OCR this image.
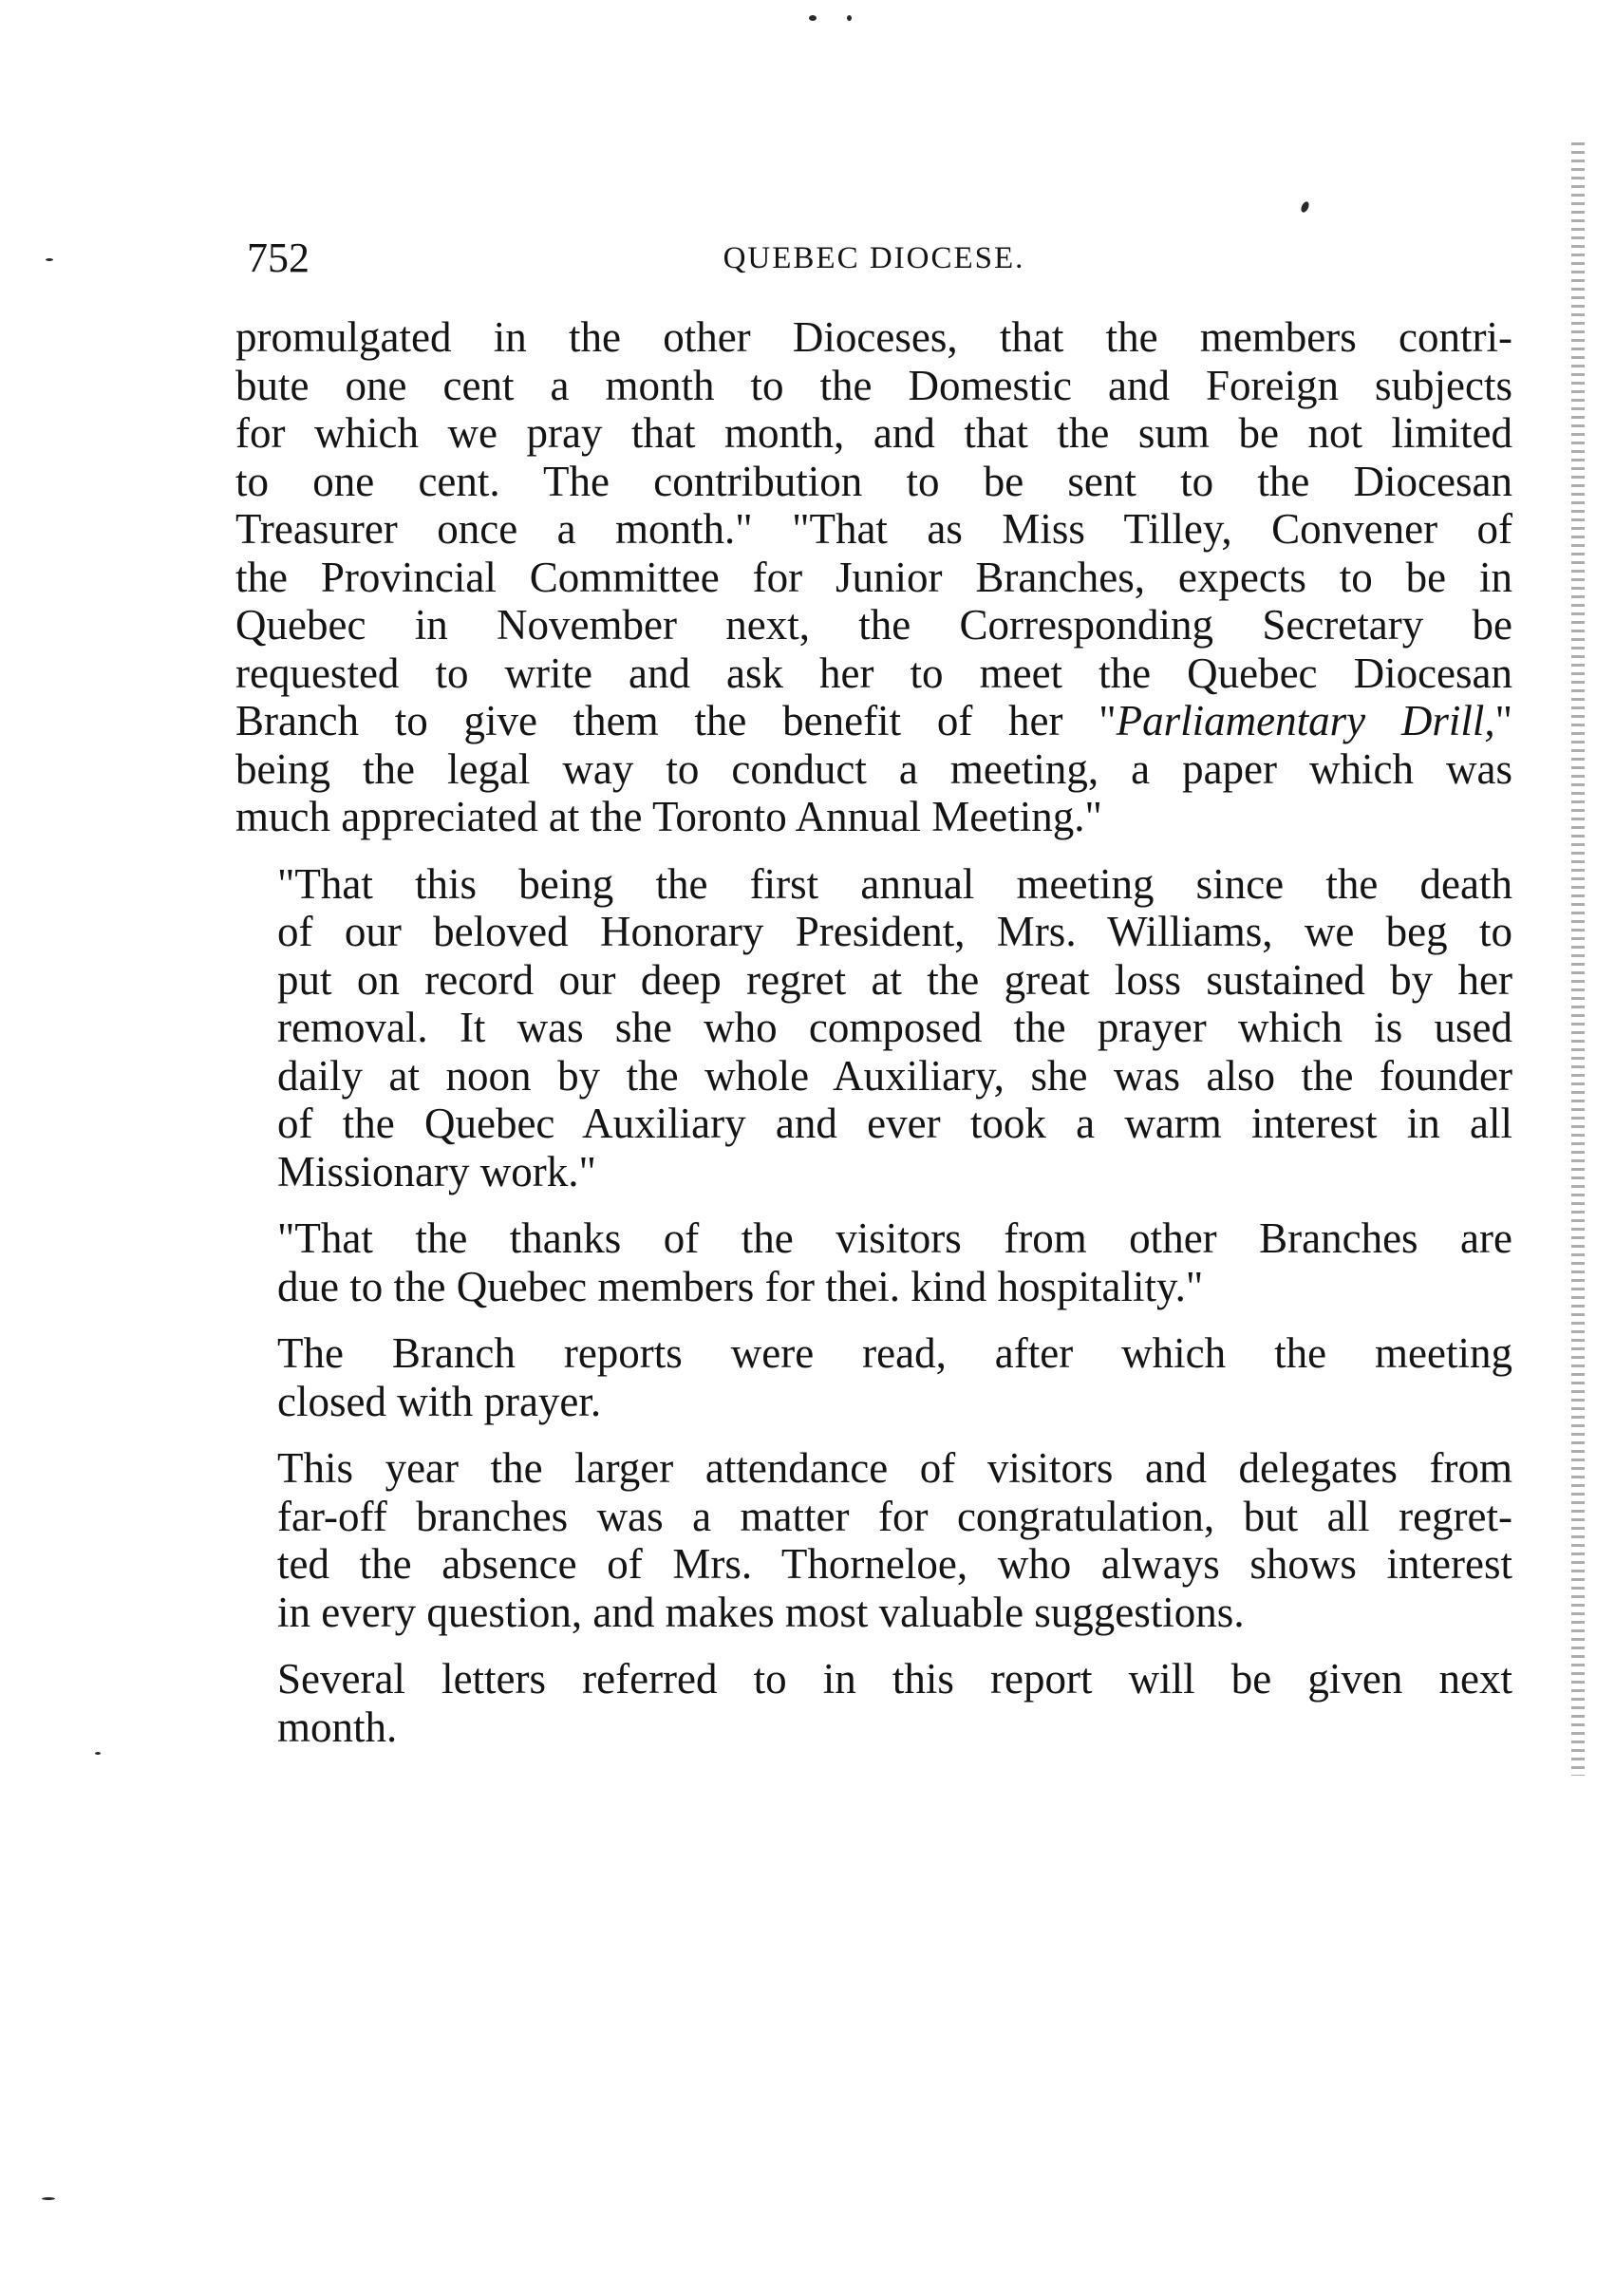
752	QUEBEC DIOCESE.

promulgated in the other Dioceses, that the members contri-
bute one cent a month to the Domestic and Foreign subjects
for which we pray that month, and that the sum be not limited
to one cent. The contribution to be sent to the Diocesan
Treasurer once a month." "That as Miss Tilley, Convener of
the Provincial Committee for Junior Branches, expects to be in
Quebec in November next, the Corresponding Secretary be
requested to write and ask her to meet the Quebec Diocesan
Branch to give them the benefit of her "Parliamentary Drill,"
being the legal way to conduct a meeting, a paper which was
much appreciated at the Toronto Annual Meeting."

"That this being the first annual meeting since the death
of our beloved Honorary President, Mrs. Williams, we beg to
put on record our deep regret at the great loss sustained by her
removal. It was she who composed the prayer which is used
daily at noon by the whole Auxiliary, she was also the founder
of the Quebec Auxiliary and ever took a warm interest in all
Missionary work."

"That the thanks of the visitors from other Branches are
due to the Quebec members for thei. kind hospitality."

The Branch reports were read, after which the meeting
closed with prayer.

This year the larger attendance of visitors and delegates from
far-off branches was a matter for congratulation, but all regret-
ted the absence of Mrs. Thorneloe, who always shows interest
in every question, and makes most valuable suggestions.

Several letters referred to in this report will be given next
month.
